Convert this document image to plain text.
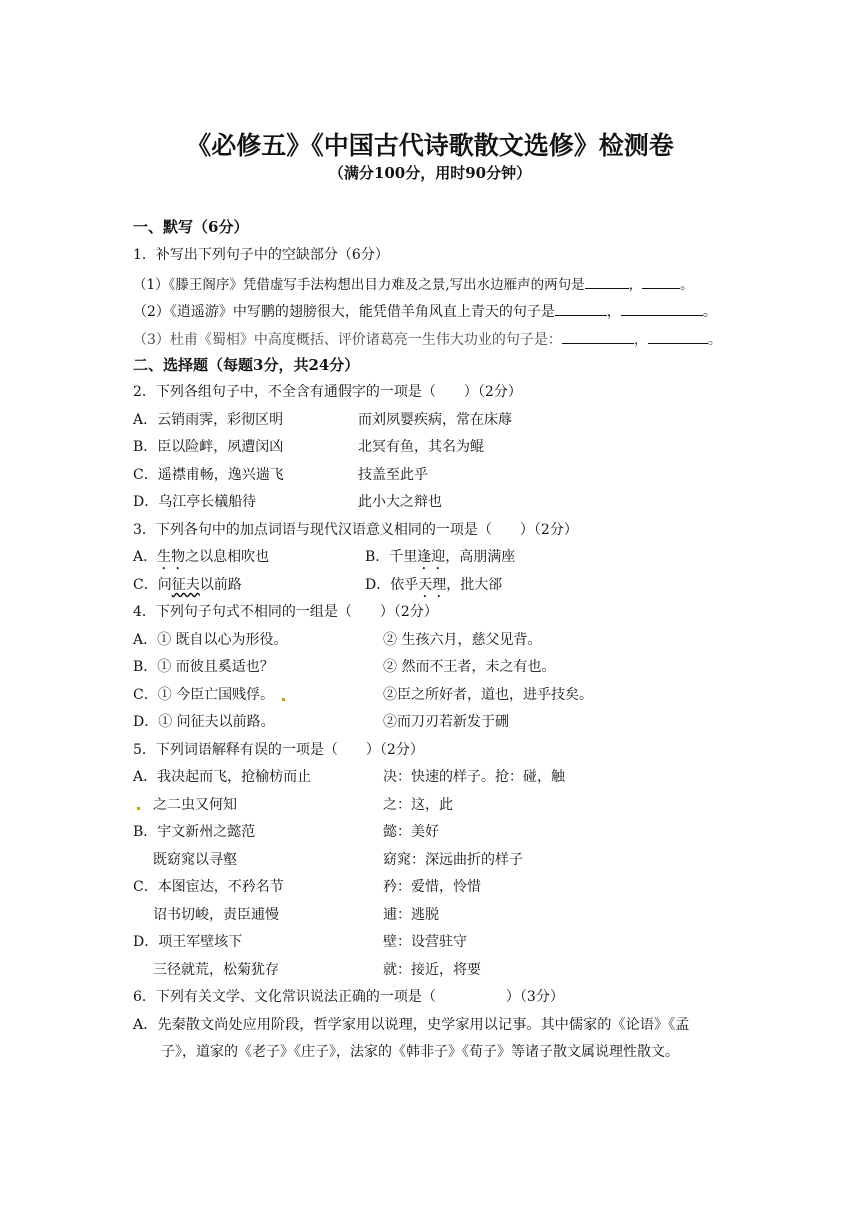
《必修五》《中国古代诗歌散文选修》检测卷
（满分100分，用时90分钟）
一、默写（6分）
1．补写出下列句子中的空缺部分（6分）
（1）《滕王阁序》凭借虚写手法构想出目力难及之景,写出水边雁声的两句是	，	。
（2）《逍遥游》中写鹏的翅膀很大，能凭借羊角风直上青天的句子是	，	。
（3）杜甫《蜀相》中高度概括、评价诸葛亮一生伟大功业的句子是：	，	。
二、选择题（每题3分，共24分）
2．下列各组句子中，不全含有通假字的一项是（　　）（2分）
A．云销雨霁，彩彻区明	而刘夙婴疾病，常在床蓐
B．臣以险衅，夙遭闵凶	北冥有鱼，其名为鲲
C．遥襟甫畅，逸兴遄飞	技盖至此乎
D．乌江亭长檥船待	此小大之辩也
3．下列各句中的加点词语与现代汉语意义相同的一项是（　　）（2分）
A．生物之以息相吹也	B．千里逢迎，高朋满座
C．问征夫以前路	D．依乎天理，批大郤
4．下列句子句式不相同的一组是（　　）（2分）
A．① 既自以心为形役。	② 生孩六月，慈父见背。
B．① 而彼且奚适也？	② 然而不王者，未之有也。
C．① 今臣亡国贱俘。	②臣之所好者，道也，进乎技矣。
D．① 问征夫以前路。	②而刀刃若新发于硎
5．下列词语解释有误的一项是（　　）（2分）
A．我决起而飞，抢榆枋而止	决：快速的样子。抢：碰，触
之二虫又何知	之：这，此
B．宇文新州之懿范	懿：美好
既窈窕以寻壑	窈窕：深远曲折的样子
C．本图宦达，不矜名节	矜：爱惜，怜惜
诏书切峻，责臣逋慢	逋：逃脱
D．项王军壁垓下	壁：设营驻守
三径就荒，松菊犹存	就：接近，将要
6．下列有关文学、文化常识说法正确的一项是（　　　　　）（3分）
A．先秦散文尚处应用阶段，哲学家用以说理，史学家用以记事。其中儒家的《论语》《孟
子》，道家的《老子》《庄子》，法家的《韩非子》《荀子》等诸子散文属说理性散文。
